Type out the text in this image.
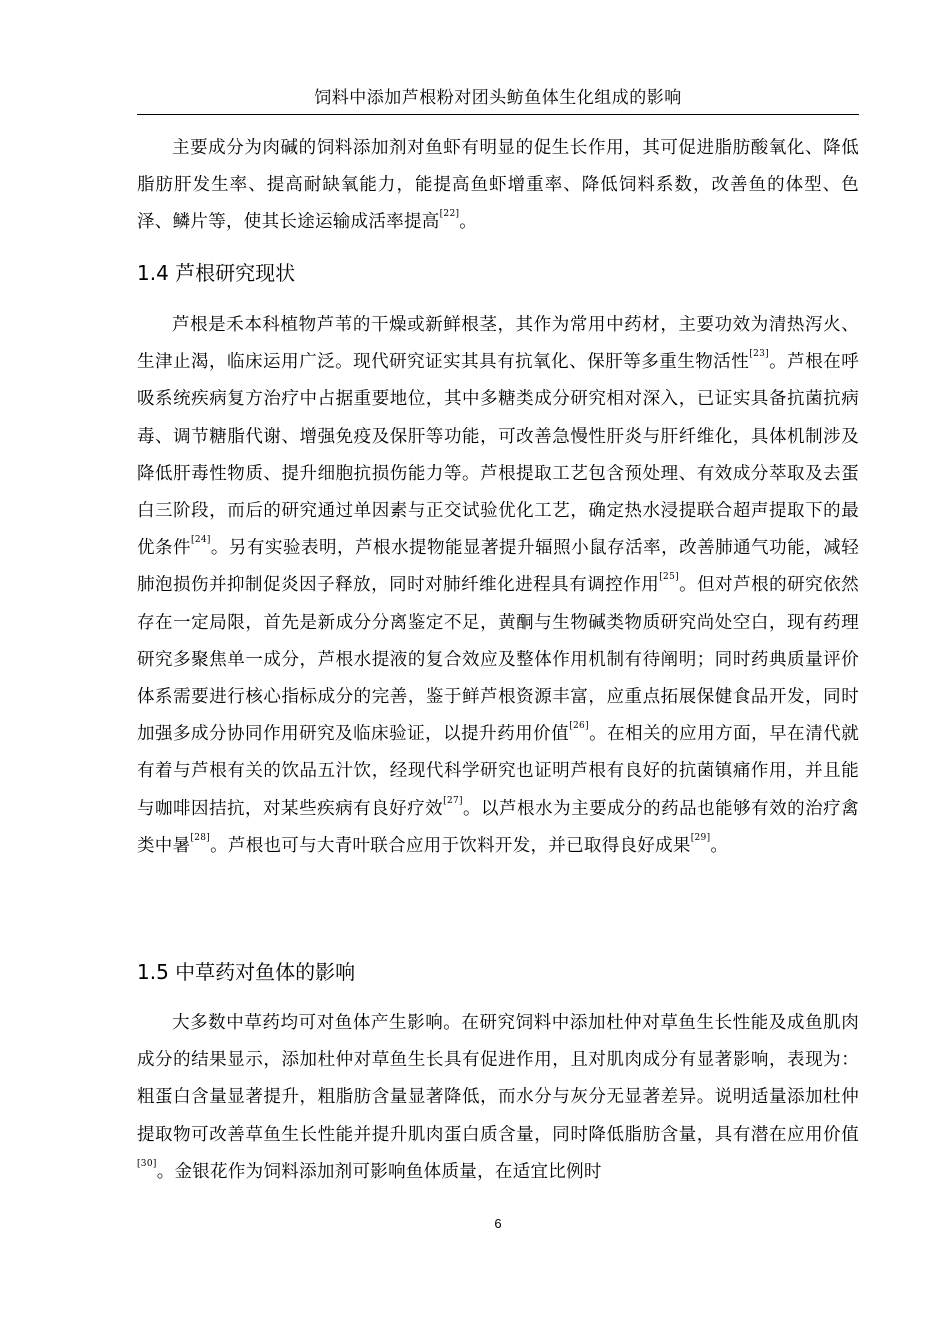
饲料中添加芦根粉对团头鲂鱼体生化组成的影响

主要成分为肉碱的饲料添加剂对鱼虾有明显的促生长作用，其可促进脂肪酸氧化、降低脂肪肝发生率、提高耐缺氧能力，能提高鱼虾增重率、降低饲料系数，改善鱼的体型、色泽、鳞片等，使其长途运输成活率提高[22]。

1.4 芦根研究现状

芦根是禾本科植物芦苇的干燥或新鲜根茎，其作为常用中药材，主要功效为清热泻火、生津止渴，临床运用广泛。现代研究证实其具有抗氧化、保肝等多重生物活性[23]。芦根在呼吸系统疾病复方治疗中占据重要地位，其中多糖类成分研究相对深入，已证实具备抗菌抗病毒、调节糖脂代谢、增强免疫及保肝等功能，可改善急慢性肝炎与肝纤维化，具体机制涉及降低肝毒性物质、提升细胞抗损伤能力等。芦根提取工艺包含预处理、有效成分萃取及去蛋白三阶段，而后的研究通过单因素与正交试验优化工艺，确定热水浸提联合超声提取下的最优条件[24]。另有实验表明，芦根水提物能显著提升辐照小鼠存活率，改善肺通气功能，减轻肺泡损伤并抑制促炎因子释放，同时对肺纤维化进程具有调控作用[25]。但对芦根的研究依然存在一定局限，首先是新成分分离鉴定不足，黄酮与生物碱类物质研究尚处空白，现有药理研究多聚焦单一成分，芦根水提液的复合效应及整体作用机制有待阐明；同时药典质量评价体系需要进行核心指标成分的完善，鉴于鲜芦根资源丰富，应重点拓展保健食品开发，同时加强多成分协同作用研究及临床验证，以提升药用价值[26]。在相关的应用方面，早在清代就有着与芦根有关的饮品五汁饮，经现代科学研究也证明芦根有良好的抗菌镇痛作用，并且能与咖啡因拮抗，对某些疾病有良好疗效[27]。以芦根水为主要成分的药品也能够有效的治疗禽类中暑[28]。芦根也可与大青叶联合应用于饮料开发，并已取得良好成果[29]。

1.5 中草药对鱼体的影响

大多数中草药均可对鱼体产生影响。在研究饲料中添加杜仲对草鱼生长性能及成鱼肌肉成分的结果显示，添加杜仲对草鱼生长具有促进作用，且对肌肉成分有显著影响，表现为：粗蛋白含量显著提升，粗脂肪含量显著降低，而水分与灰分无显著差异。说明适量添加杜仲提取物可改善草鱼生长性能并提升肌肉蛋白质含量，同时降低脂肪含量，具有潜在应用价值[30]。金银花作为饲料添加剂可影响鱼体质量，在适宜比例时

6
